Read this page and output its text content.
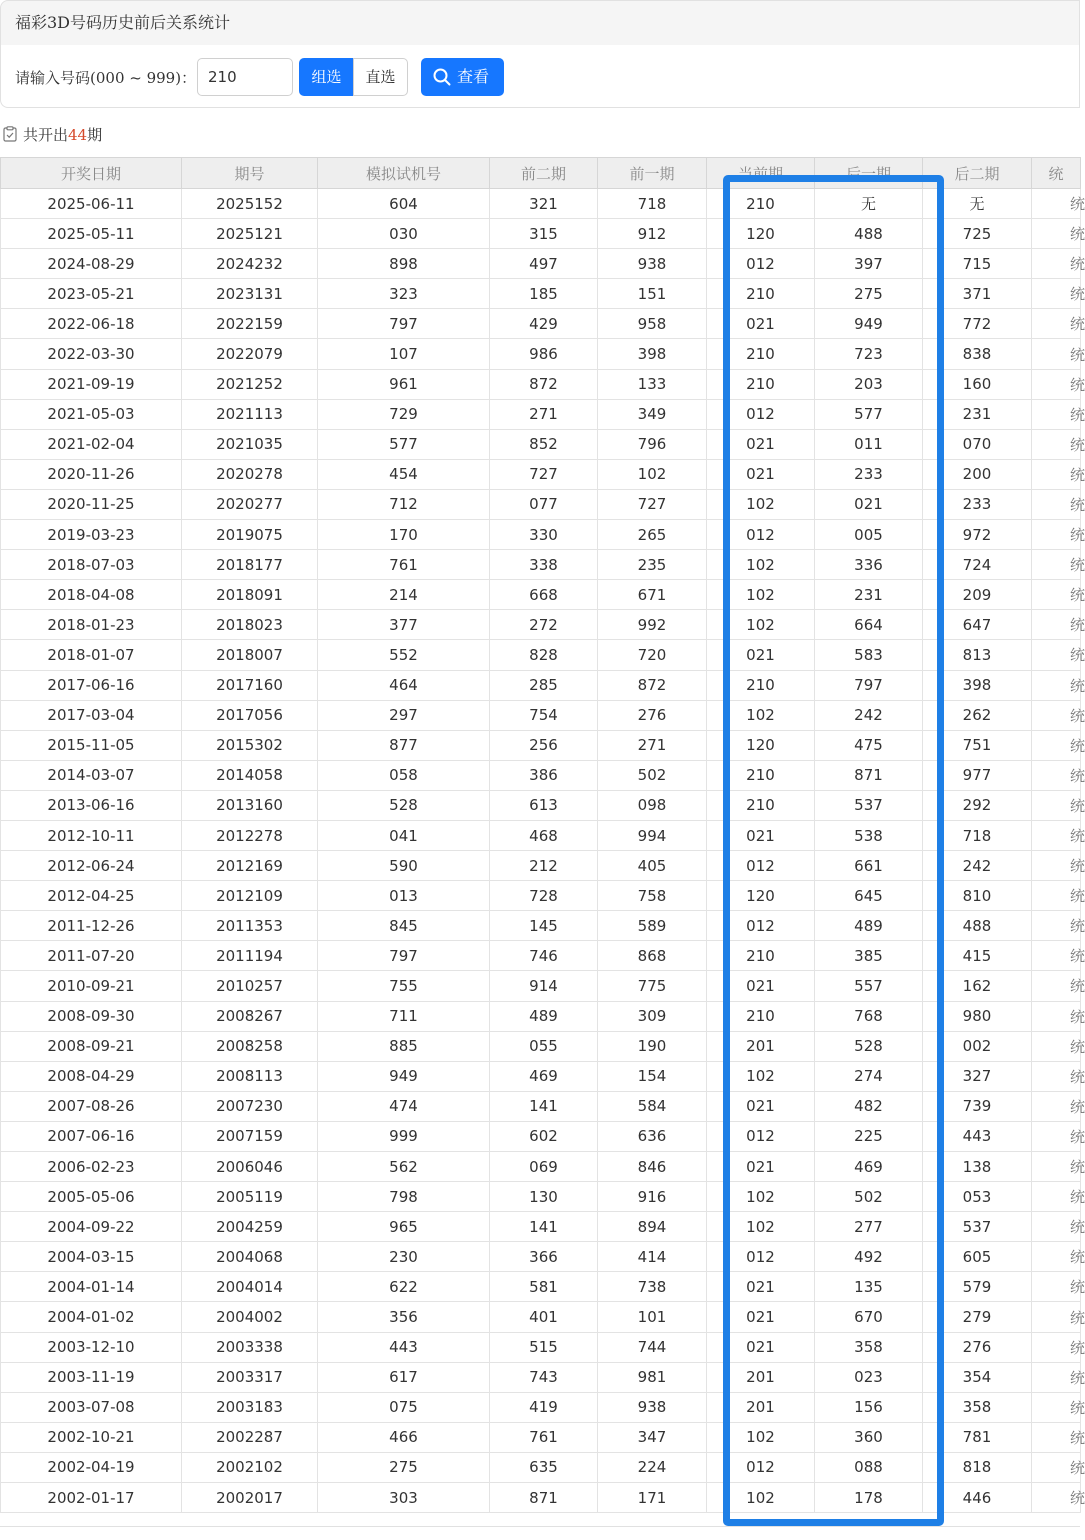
福彩3D号码历史前后关系统计
请输入号码(000 ~ 999)：
210	组选	直选	查看
共开出44期
开奖日期	期号	模拟试机号	前二期	前一期	当前期	后一期	后二期	统
2025-06-11	2025152	604	321	718	210	无	无	统
2025-05-11	2025121	030	315	912	120	488	725	统
2024-08-29	2024232	898	497	938	012	397	715	统
2023-05-21	2023131	323	185	151	210	275	371	统
2022-06-18	2022159	797	429	958	021	949	772	统
2022-03-30	2022079	107	986	398	210	723	838	统
2021-09-19	2021252	961	872	133	210	203	160	统
2021-05-03	2021113	729	271	349	012	577	231	统
2021-02-04	2021035	577	852	796	021	011	070	统
2020-11-26	2020278	454	727	102	021	233	200	统
2020-11-25	2020277	712	077	727	102	021	233	统
2019-03-23	2019075	170	330	265	012	005	972	统
2018-07-03	2018177	761	338	235	102	336	724	统
2018-04-08	2018091	214	668	671	102	231	209	统
2018-01-23	2018023	377	272	992	102	664	647	统
2018-01-07	2018007	552	828	720	021	583	813	统
2017-06-16	2017160	464	285	872	210	797	398	统
2017-03-04	2017056	297	754	276	102	242	262	统
2015-11-05	2015302	877	256	271	120	475	751	统
2014-03-07	2014058	058	386	502	210	871	977	统
2013-06-16	2013160	528	613	098	210	537	292	统
2012-10-11	2012278	041	468	994	021	538	718	统
2012-06-24	2012169	590	212	405	012	661	242	统
2012-04-25	2012109	013	728	758	120	645	810	统
2011-12-26	2011353	845	145	589	012	489	488	统
2011-07-20	2011194	797	746	868	210	385	415	统
2010-09-21	2010257	755	914	775	021	557	162	统
2008-09-30	2008267	711	489	309	210	768	980	统
2008-09-21	2008258	885	055	190	201	528	002	统
2008-04-29	2008113	949	469	154	102	274	327	统
2007-08-26	2007230	474	141	584	021	482	739	统
2007-06-16	2007159	999	602	636	012	225	443	统
2006-02-23	2006046	562	069	846	021	469	138	统
2005-05-06	2005119	798	130	916	102	502	053	统
2004-09-22	2004259	965	141	894	102	277	537	统
2004-03-15	2004068	230	366	414	012	492	605	统
2004-01-14	2004014	622	581	738	021	135	579	统
2004-01-02	2004002	356	401	101	021	670	279	统
2003-12-10	2003338	443	515	744	021	358	276	统
2003-11-19	2003317	617	743	981	201	023	354	统
2003-07-08	2003183	075	419	938	201	156	358	统
2002-10-21	2002287	466	761	347	102	360	781	统
2002-04-19	2002102	275	635	224	012	088	818	统
2002-01-17	2002017	303	871	171	102	178	446	统
